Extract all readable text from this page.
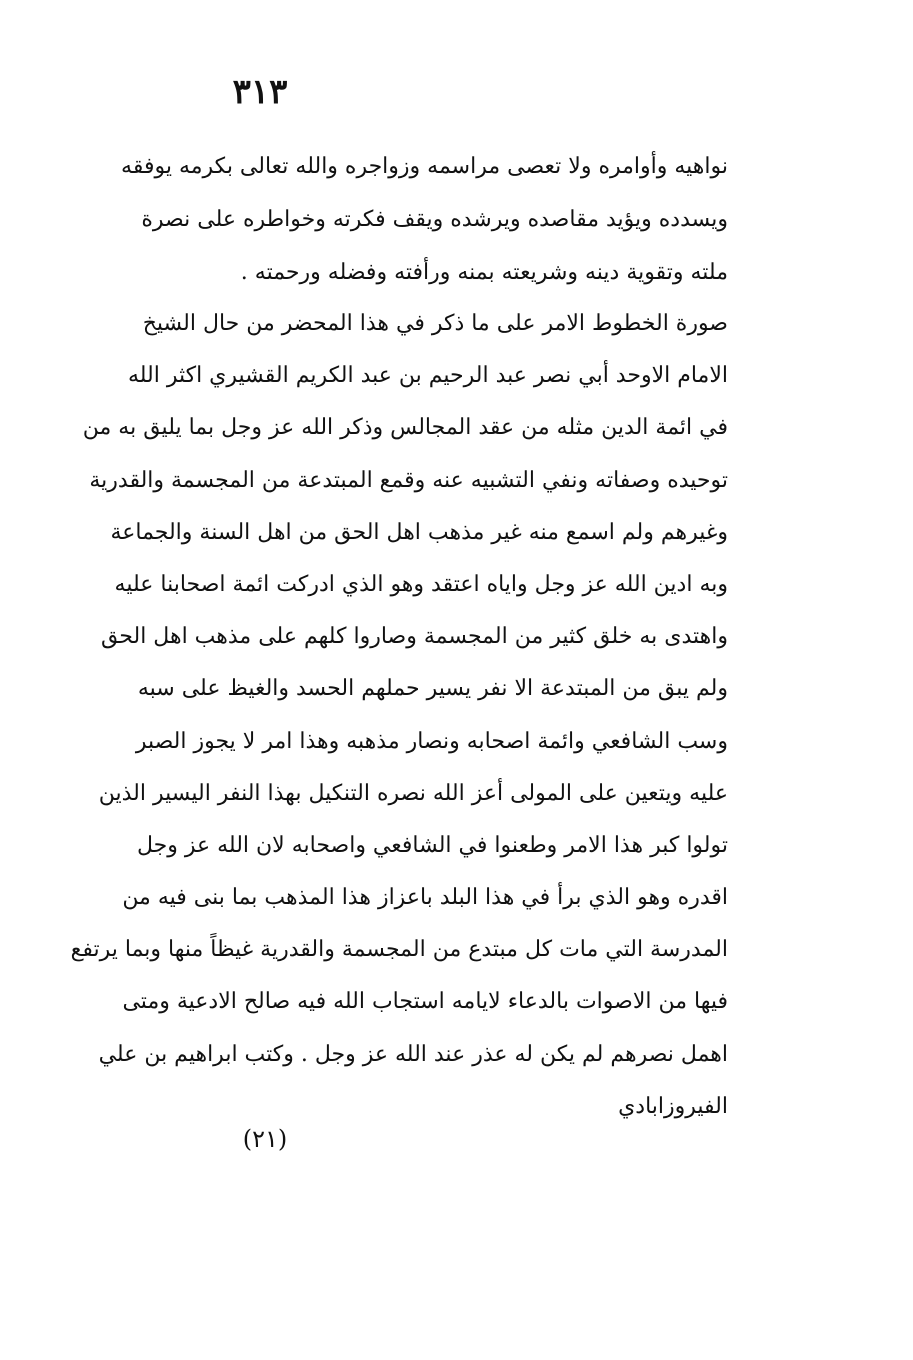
٣١٣
نواهيه وأوامره ولا تعصى مراسمه وزواجره والله تعالى بكرمه يوفقه
ويسدده ويؤيد مقاصده ويرشده ويقف فكرته وخواطره على نصرة
ملته وتقوية دينه وشريعته بمنه ورأفته وفضله ورحمته .
صورة الخطوط الامر على ما ذكر في هذا المحضر من حال الشيخ
الامام الاوحد أبي نصر عبد الرحيم بن عبد الكريم القشيري اكثر الله
في ائمة الدين مثله من عقد المجالس وذكر الله عز وجل بما يليق به من
توحيده وصفاته ونفي التشبيه عنه وقمع المبتدعة من المجسمة والقدرية
وغيرهم ولم اسمع منه غير مذهب اهل الحق من اهل السنة والجماعة
وبه ادين الله عز وجل واياه اعتقد وهو الذي ادركت ائمة اصحابنا عليه
واهتدى به خلق كثير من المجسمة وصاروا كلهم على مذهب اهل الحق
ولم يبق من المبتدعة الا نفر يسير حملهم الحسد والغيظ على سبه
وسب الشافعي وائمة اصحابه ونصار مذهبه وهذا امر لا يجوز الصبر
عليه ويتعين على المولى أعز الله نصره التنكيل بهذا النفر اليسير الذين
تولوا كبر هذا الامر وطعنوا في الشافعي واصحابه لان الله عز وجل
اقدره وهو الذي برأ في هذا البلد باعزاز هذا المذهب بما بنى فيه من
المدرسة التي مات كل مبتدع من المجسمة والقدرية غيظاً منها وبما يرتفع
فيها من الاصوات بالدعاء لايامه استجاب الله فيه صالح الادعية ومتى
اهمل نصرهم لم يكن له عذر عند الله عز وجل . وكتب ابراهيم بن علي
الفيروزابادي
(٢١)
